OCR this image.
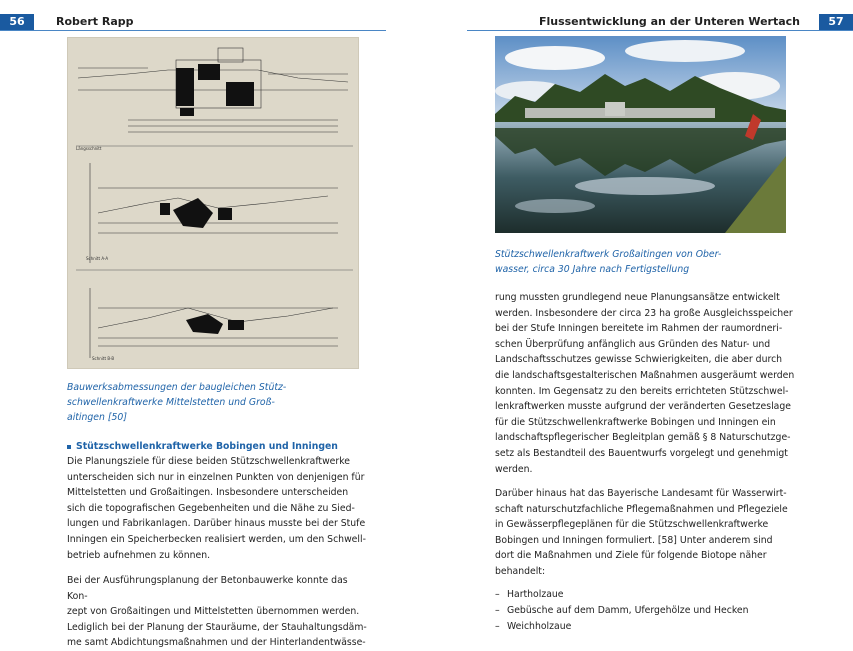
56	Robert Rapp
Längsschnitt
Schnitt A-A
Schnitt B-B
Bauwerksabmessungen der baugleichen Stütz-
schwellenkraftwerke Mittelstetten und Groß-
aitingen [50]
Stützschwellenkraftwerke Bobingen und Inningen
Die Planungsziele für diese beiden Stützschwellenkraftwerke
unterscheiden sich nur in einzelnen Punkten von denjenigen für
Mittelstetten und Großaitingen. Insbesondere unterscheiden
sich die topografischen Gegebenheiten und die Nähe zu Sied-
lungen und Fabrikanlagen. Darüber hinaus musste bei der Stufe
Inningen ein Speicherbecken realisiert werden, um den Schwell-
betrieb aufnehmen zu können.
Bei der Ausführungsplanung der Betonbauwerke konnte das Kon-
zept von Großaitingen und Mittelstetten übernommen werden.
Lediglich bei der Planung der Stauräume, der Stauhaltungsdäm-
me samt Abdichtungsmaßnahmen und der Hinterlandentwässe-
Flussentwicklung an der Unteren Wertach	57
Stützschwellenkraftwerk Großaitingen von Ober-
wasser, circa 30 Jahre nach Fertigstellung
rung mussten grundlegend neue Planungsansätze entwickelt
werden. Insbesondere der circa 23 ha große Ausgleichsspeicher
bei der Stufe Inningen bereitete im Rahmen der raumordneri-
schen Überprüfung anfänglich aus Gründen des Natur- und
Landschaftsschutzes gewisse Schwierigkeiten, die aber durch
die landschaftsgestalterischen Maßnahmen ausgeräumt werden
konnten. Im Gegensatz zu den bereits errichteten Stützschwel-
lenkraftwerken musste aufgrund der veränderten Gesetzeslage
für die Stützschwellenkraftwerke Bobingen und Inningen ein
landschaftspflegerischer Begleitplan gemäß § 8 Naturschutzge-
setz als Bestandteil des Bauentwurfs vorgelegt und genehmigt
werden.
Darüber hinaus hat das Bayerische Landesamt für Wasserwirt-
schaft naturschutzfachliche Pflegemaßnahmen und Pflegeziele
in Gewässerpflegeplänen für die Stützschwellenkraftwerke
Bobingen und Inningen formuliert. [58] Unter anderem sind
dort die Maßnahmen und Ziele für folgende Biotope näher
behandelt:
– Hartholzaue
– Gebüsche auf dem Damm, Ufergehölze und Hecken
– Weichholzaue
